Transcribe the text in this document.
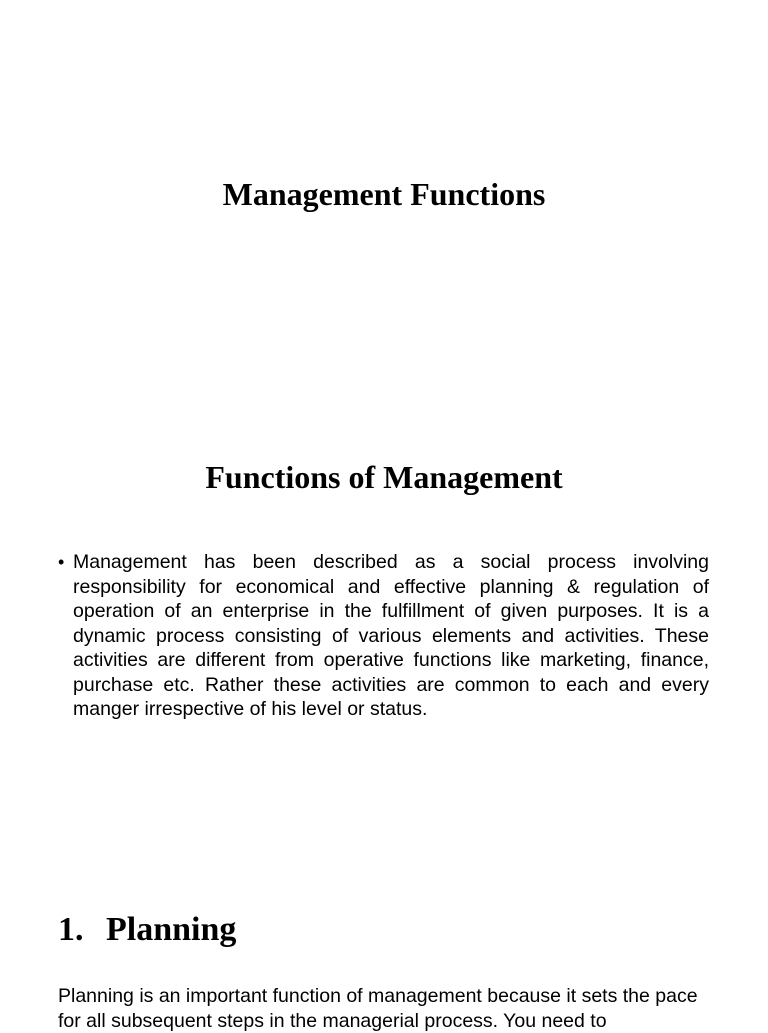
Management Functions
Functions of Management
• Management has been described as a social process involving responsibility for economical and effective planning & regulation of operation of an enterprise in the fulfillment of given purposes. It is a dynamic process consisting of various elements and activities. These activities are different from operative functions like marketing, finance, purchase etc. Rather these activities are common to each and every manger irrespective of his level or status.

1. Planning

Planning is an important function of management because it sets the pace for all subsequent steps in the managerial process. You need to
